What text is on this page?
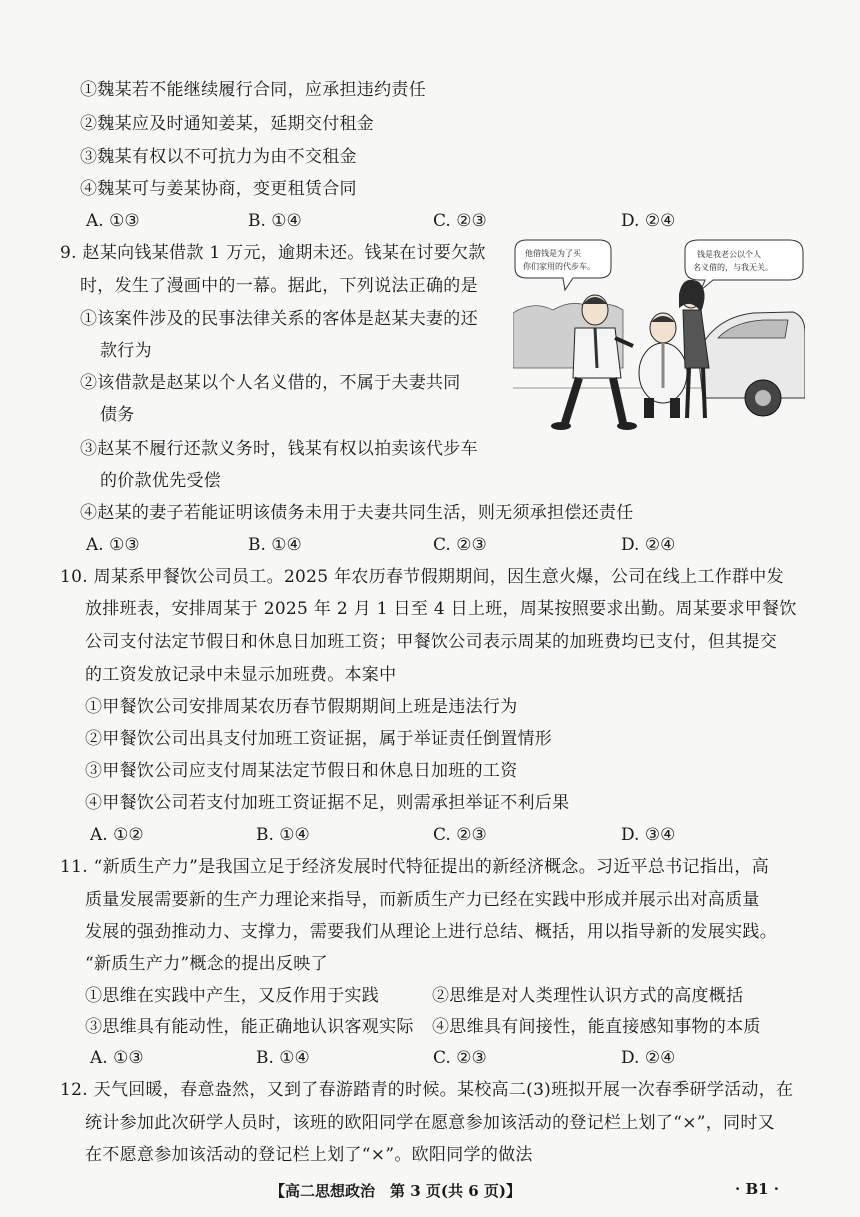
①魏某若不能继续履行合同，应承担违约责任
②魏某应及时通知姜某，延期交付租金
③魏某有权以不可抗力为由不交租金
④魏某可与姜某协商，变更租赁合同
A. ①③	B. ①④	C. ②③	D. ②④
9. 赵某向钱某借款 1 万元，逾期未还。钱某在讨要欠款
时，发生了漫画中的一幕。据此，下列说法正确的是
①该案件涉及的民事法律关系的客体是赵某夫妻的还
款行为
②该借款是赵某以个人名义借的，不属于夫妻共同
债务
③赵某不履行还款义务时，钱某有权以拍卖该代步车
的价款优先受偿
④赵某的妻子若能证明该债务未用于夫妻共同生活，则无须承担偿还责任
A. ①③	B. ①④	C. ②③	D. ②④
他借钱是为了买
你们家用的代步车。
钱是我老公以个人
名义借的，与我无关。
10. 周某系甲餐饮公司员工。2025 年农历春节假期期间，因生意火爆，公司在线上工作群中发
放排班表，安排周某于 2025 年 2 月 1 日至 4 日上班，周某按照要求出勤。周某要求甲餐饮
公司支付法定节假日和休息日加班工资；甲餐饮公司表示周某的加班费均已支付，但其提交
的工资发放记录中未显示加班费。本案中
①甲餐饮公司安排周某农历春节假期期间上班是违法行为
②甲餐饮公司出具支付加班工资证据，属于举证责任倒置情形
③甲餐饮公司应支付周某法定节假日和休息日加班的工资
④甲餐饮公司若支付加班工资证据不足，则需承担举证不利后果
A. ①②	B. ①④	C. ②③	D. ③④
11. “新质生产力”是我国立足于经济发展时代特征提出的新经济概念。习近平总书记指出，高
质量发展需要新的生产力理论来指导，而新质生产力已经在实践中形成并展示出对高质量
发展的强劲推动力、支撑力，需要我们从理论上进行总结、概括，用以指导新的发展实践。
“新质生产力”概念的提出反映了
①思维在实践中产生，又反作用于实践	②思维是对人类理性认识方式的高度概括
③思维具有能动性，能正确地认识客观实际 ④思维具有间接性，能直接感知事物的本质
A. ①③	B. ①④	C. ②③	D. ②④
12. 天气回暖，春意盎然，又到了春游踏青的时候。某校高二(3)班拟开展一次春季研学活动，在
统计参加此次研学人员时，该班的欧阳同学在愿意参加该活动的登记栏上划了“×”，同时又
在不愿意参加该活动的登记栏上划了“×”。欧阳同学的做法
【高二思想政治　第 3 页(共 6 页)】	· B1 ·
